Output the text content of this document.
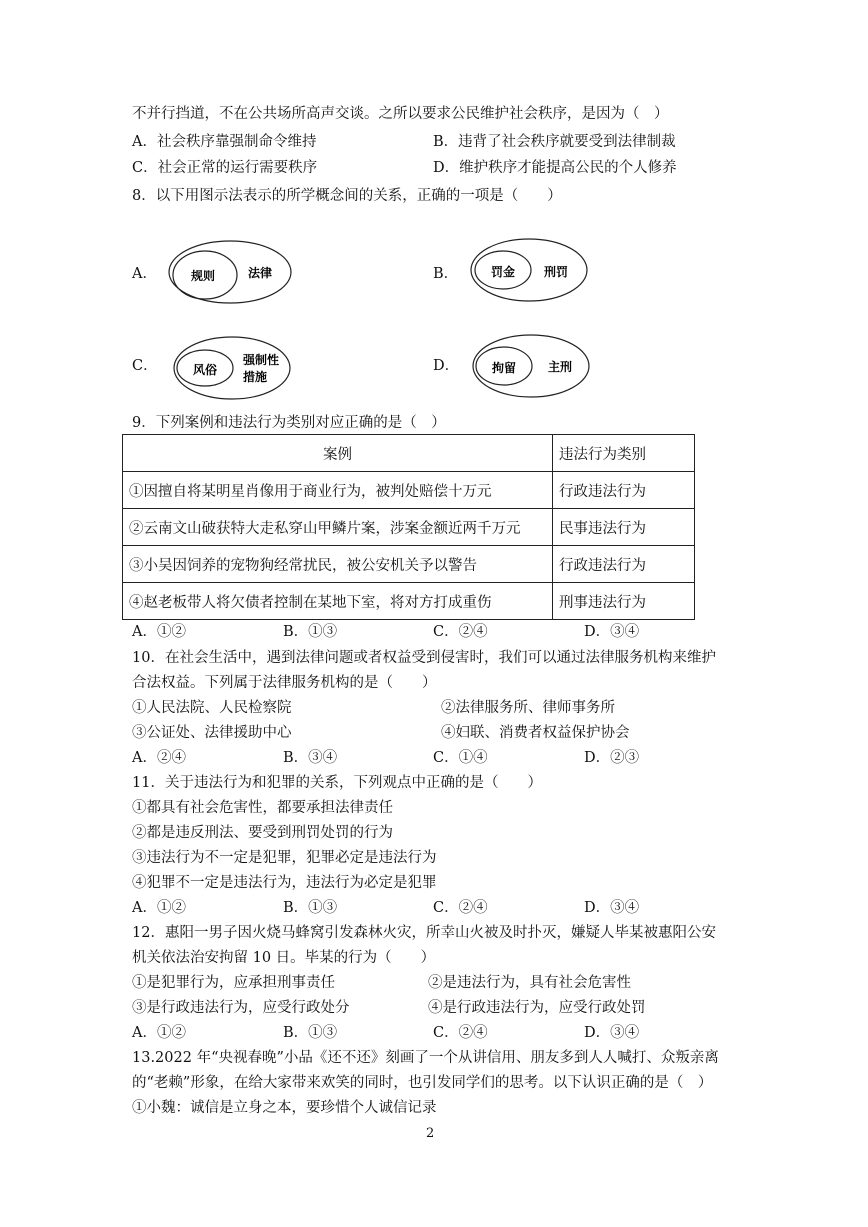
不并行挡道，不在公共场所高声交谈。之所以要求公民维护社会秩序，是因为（　）
A．社会秩序靠强制命令维持	B．违背了社会秩序就要受到法律制裁
C．社会正常的运行需要秩序	D．维护秩序才能提高公民的个人修养
8．以下用图示法表示的所学概念间的关系，正确的一项是（　　）
A．	规则	法律	B．	罚金 刑罚
C．	风俗
强制性
措施
D．	拘留	主刑
9．下列案例和违法行为类别对应正确的是（　）
案例	违法行为类别
①因擅自将某明星肖像用于商业行为，被判处赔偿十万元	行政违法行为
②云南文山破获特大走私穿山甲鳞片案，涉案金额近两千万元	民事违法行为
③小吴因饲养的宠物狗经常扰民，被公安机关予以警告	行政违法行为
④赵老板带人将欠债者控制在某地下室，将对方打成重伤	刑事违法行为
A．①②	B．①③	C．②④	D．③④
10．在社会生活中，遇到法律问题或者权益受到侵害时，我们可以通过法律服务机构来维护
合法权益。下列属于法律服务机构的是（　　）
①人民法院、人民检察院	②法律服务所、律师事务所
③公证处、法律援助中心	④妇联、消费者权益保护协会
A．②④	B．③④	C．①④	D．②③
11．关于违法行为和犯罪的关系，下列观点中正确的是（　　）
①都具有社会危害性，都要承担法律责任
②都是违反刑法、要受到刑罚处罚的行为
③违法行为不一定是犯罪，犯罪必定是违法行为
④犯罪不一定是违法行为，违法行为必定是犯罪
A．①②	B．①③	C．②④	D．③④
12．惠阳一男子因火烧马蜂窝引发森林火灾，所幸山火被及时扑灭，嫌疑人毕某被惠阳公安
机关依法治安拘留 10 日。毕某的行为（　　）
①是犯罪行为，应承担刑事责任	②是违法行为，具有社会危害性
③是行政违法行为，应受行政处分	④是行政违法行为，应受行政处罚
A．①②	B．①③	C．②④	D．③④
13.2022 年“央视春晚”小品《还不还》刻画了一个从讲信用、朋友多到人人喊打、众叛亲离
的“老赖”形象，在给大家带来欢笑的同时，也引发同学们的思考。以下认识正确的是（　）
①小魏：诚信是立身之本，要珍惜个人诚信记录
2
